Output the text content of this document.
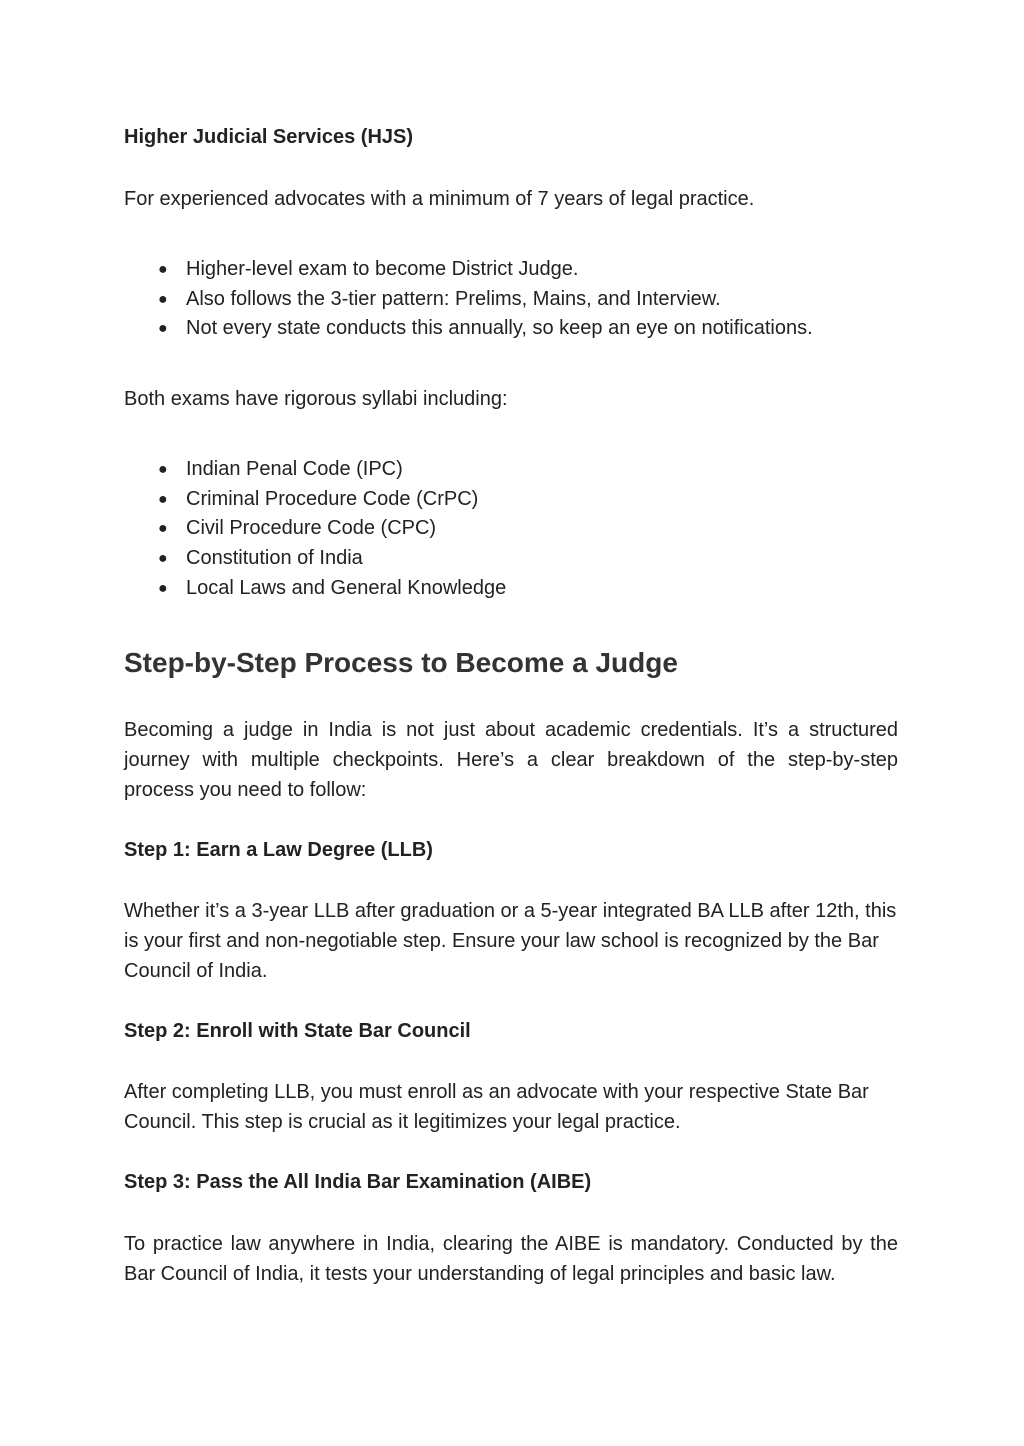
Higher Judicial Services (HJS)
For experienced advocates with a minimum of 7 years of legal practice.
● Higher-level exam to become District Judge.
● Also follows the 3-tier pattern: Prelims, Mains, and Interview.
● Not every state conducts this annually, so keep an eye on notifications.
Both exams have rigorous syllabi including:
● Indian Penal Code (IPC)
● Criminal Procedure Code (CrPC)
● Civil Procedure Code (CPC)
● Constitution of India
● Local Laws and General Knowledge
Step-by-Step Process to Become a Judge
Becoming a judge in India is not just about academic credentials. It’s a structured journey with multiple checkpoints. Here’s a clear breakdown of the step-by-step process you need to follow:
Step 1: Earn a Law Degree (LLB)
Whether it’s a 3-year LLB after graduation or a 5-year integrated BA LLB after 12th, this is your first and non-negotiable step. Ensure your law school is recognized by the Bar Council of India.
Step 2: Enroll with State Bar Council
After completing LLB, you must enroll as an advocate with your respective State Bar Council. This step is crucial as it legitimizes your legal practice.
Step 3: Pass the All India Bar Examination (AIBE)
To practice law anywhere in India, clearing the AIBE is mandatory. Conducted by the Bar Council of India, it tests your understanding of legal principles and basic law.
